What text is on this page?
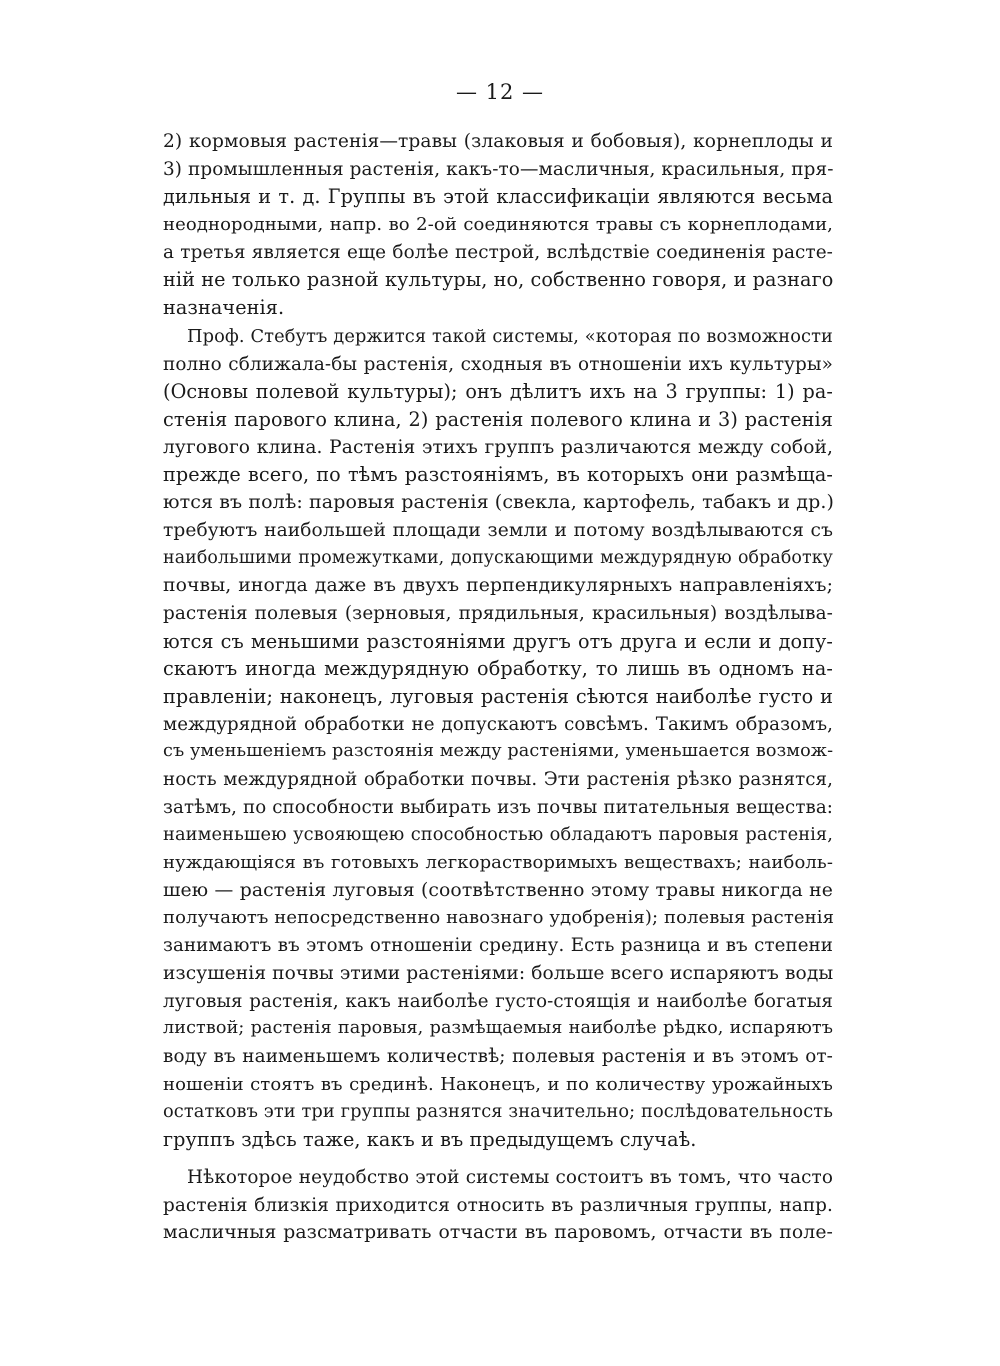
— 12 —
2) кормовыя растенія—травы (злаковыя и бобовыя), корнеплоды и
3) промышленныя растенія, какъ-то—масличныя, красильныя, пря-
дильныя и т. д. Группы въ этой классификаціи являются весьма
неоднородными, напр. во 2-ой соединяются травы съ корнеплодами,
а третья является еще болѣе пестрой, вслѣдствіе соединенія расте-
ній не только разной культуры, но, собственно говоря, и разнаго
назначенія.
Проф. Стебутъ держится такой системы, «которая по возможности
полно сближала-бы растенія, сходныя въ отношеніи ихъ культуры»
(Основы полевой культуры); онъ дѣлитъ ихъ на 3 группы: 1) ра-
стенія парового клина, 2) растенія полевого клина и 3) растенія
лугового клина. Растенія этихъ группъ различаются между собой,
прежде всего, по тѣмъ разстояніямъ, въ которыхъ они размѣща-
ются въ полѣ: паровыя растенія (свекла, картофель, табакъ и др.)
требуютъ наибольшей площади земли и потому воздѣлываются съ
наибольшими промежутками, допускающими междурядную обработку
почвы, иногда даже въ двухъ перпендикулярныхъ направленіяхъ;
растенія полевыя (зерновыя, прядильныя, красильныя) воздѣлыва-
ются съ меньшими разстояніями другъ отъ друга и если и допу-
скаютъ иногда междурядную обработку, то лишь въ одномъ на-
правленіи; наконецъ, луговыя растенія сѣются наиболѣе густо и
междурядной обработки не допускаютъ совсѣмъ. Такимъ образомъ,
съ уменьшеніемъ разстоянія между растеніями, уменьшается возмож-
ность междурядной обработки почвы. Эти растенія рѣзко разнятся,
затѣмъ, по способности выбирать изъ почвы питательныя вещества:
наименьшею усвояющею способностью обладаютъ паровыя растенія,
нуждающіяся въ готовыхъ легкорастворимыхъ веществахъ; наиболь-
шею — растенія луговыя (соотвѣтственно этому травы никогда не
получаютъ непосредственно навознаго удобренія); полевыя растенія
занимаютъ въ этомъ отношеніи средину. Есть разница и въ степени
изсушенія почвы этими растеніями: больше всего испаряютъ воды
луговыя растенія, какъ наиболѣе густо-стоящія и наиболѣе богатыя
листвой; растенія паровыя, размѣщаемыя наиболѣе рѣдко, испаряютъ
воду въ наименьшемъ количествѣ; полевыя растенія и въ этомъ от-
ношеніи стоятъ въ срединѣ. Наконецъ, и по количеству урожайныхъ
остатковъ эти три группы разнятся значительно; послѣдовательность
группъ здѣсь таже, какъ и въ предыдущемъ случаѣ.
Нѣкоторое неудобство этой системы состоитъ въ томъ, что часто
растенія близкія приходится относить въ различныя группы, напр.
масличныя разсматривать отчасти въ паровомъ, отчасти въ поле-
